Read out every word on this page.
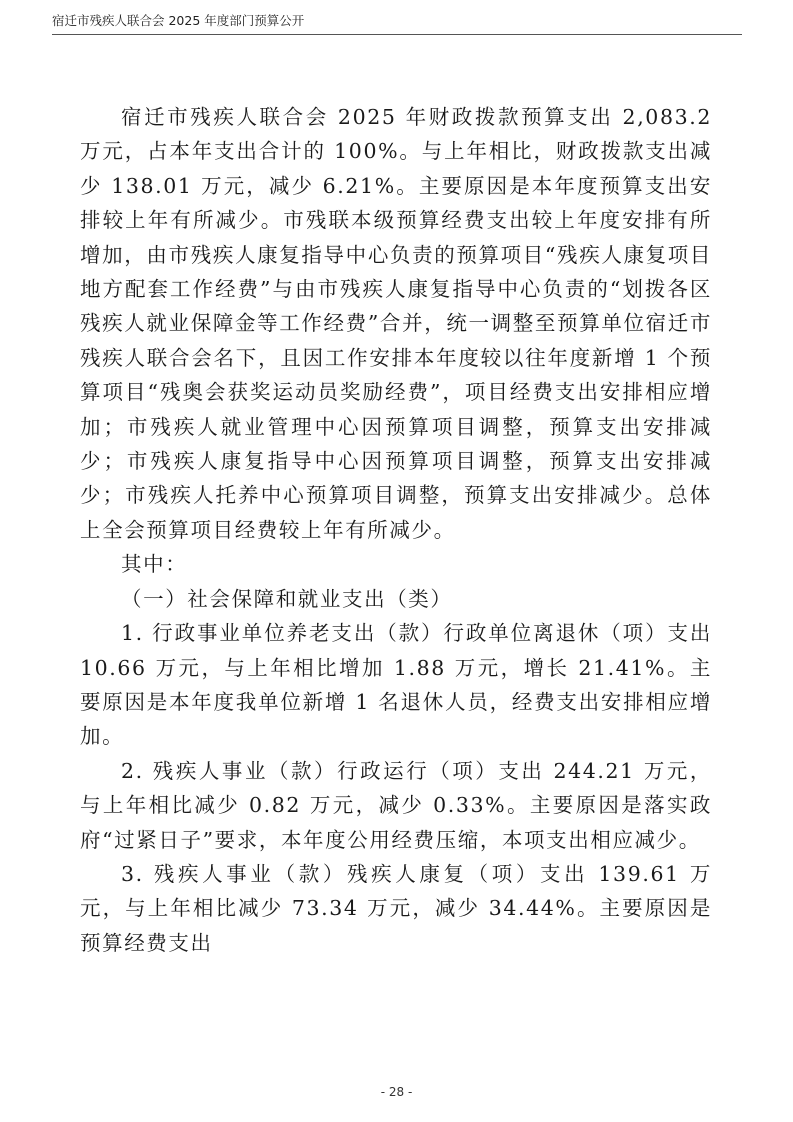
宿迁市残疾人联合会 2025 年度部门预算公开

宿迁市残疾人联合会 2025 年财政拨款预算支出 2,083.2 万元，占本年支出合计的 100%。与上年相比，财政拨款支出减少 138.01 万元，减少 6.21%。主要原因是本年度预算支出安排较上年有所减少。市残联本级预算经费支出较上年度安排有所增加，由市残疾人康复指导中心负责的预算项目“残疾人康复项目地方配套工作经费”与由市残疾人康复指导中心负责的“划拨各区残疾人就业保障金等工作经费”合并，统一调整至预算单位宿迁市残疾人联合会名下，且因工作安排本年度较以往年度新增 1 个预算项目“残奥会获奖运动员奖励经费”，项目经费支出安排相应增加；市残疾人就业管理中心因预算项目调整，预算支出安排减少；市残疾人康复指导中心因预算项目调整，预算支出安排减少；市残疾人托养中心预算项目调整，预算支出安排减少。总体上全会预算项目经费较上年有所减少。

其中：

（一）社会保障和就业支出（类）

1. 行政事业单位养老支出（款）行政单位离退休（项）支出 10.66 万元，与上年相比增加 1.88 万元，增长 21.41%。主要原因是本年度我单位新增 1 名退休人员，经费支出安排相应增加。

2. 残疾人事业（款）行政运行（项）支出 244.21 万元，与上年相比减少 0.82 万元，减少 0.33%。主要原因是落实政府“过紧日子”要求，本年度公用经费压缩，本项支出相应减少。

3. 残疾人事业（款）残疾人康复（项）支出 139.61 万元，与上年相比减少 73.34 万元，减少 34.44%。主要原因是预算经费支出

- 28 -
